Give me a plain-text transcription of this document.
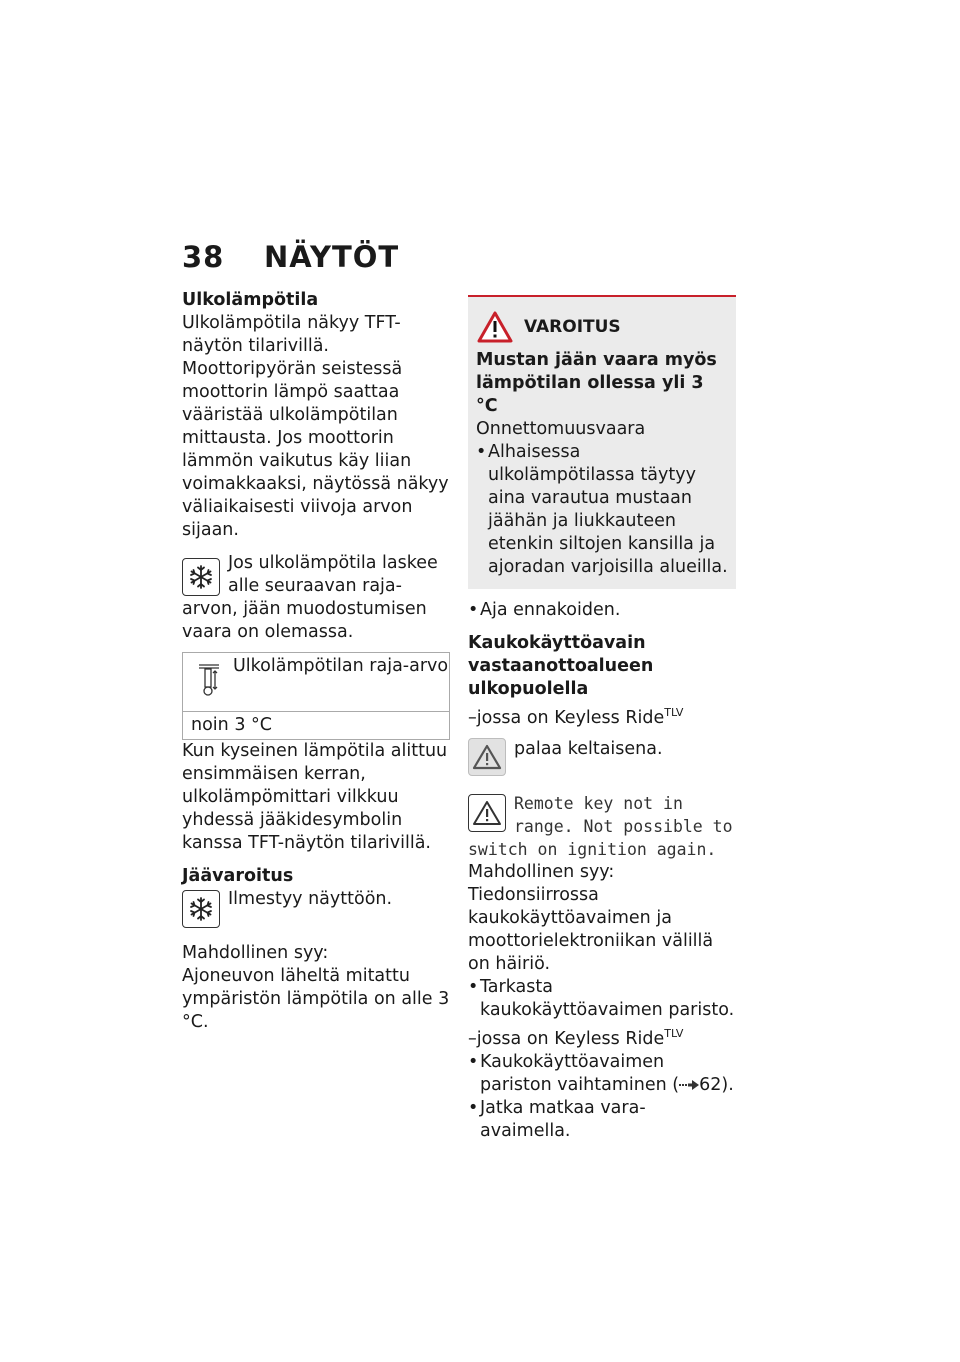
38 NÄYTÖT

Ulkolämpötila

Ulkolämpötila näkyy TFT-näytön tilarivillä.

Moottoripyörän seistessä moottorin lämpö saattaa vääristää ulkolämpötilan mittausta. Jos moottorin lämmön vaikutus käy liian voimakkaaksi, näytössä näkyy väliaikaisesti viivoja arvon sijaan.

Jos ulkolämpötila laskee alle seuraavan raja-arvon, jään muodostumisen vaara on olemassa.

Ulkolämpötilan raja-arvo
noin 3 °C

Kun kyseinen lämpötila alittuu ensimmäisen kerran, ulkolämpömittari vilkkuu yhdessä jääkidesymbolin kanssa TFT-näytön tilarivillä.

Jäävaroitus

Ilmestyy näyttöön.

Mahdollinen syy:

Ajoneuvon läheltä mitattu ympäristön lämpötila on alle 3 °C.

VAROITUS

Mustan jään vaara myös lämpötilan ollessa yli 3 °C

Onnettomuusvaara

• Alhaisessa ulkolämpötilassa täytyy aina varautua mustaan jäähän ja liukkauteen etenkin siltojen kansilla ja ajoradan varjoisilla alueilla.
• Aja ennakoiden.

Kaukokäyttöavain vastaanottoalueen ulkopuolella

–jossa on Keyless Ride$^{TLV}$

palaa keltaisena.

Remote key not in range. Not possible to switch on ignition again.

Mahdollinen syy:

Tiedonsiirrossa kaukokäyttöavaimen ja moottorielektroniikan välillä on häiriö.

• Tarkasta kaukokäyttöavaimen paristo.

–jossa on Keyless Ride$^{TLV}$

• Kaukokäyttöavaimen pariston vaihtaminen ( 62).
• Jatka matkaa vara-avaimella.
